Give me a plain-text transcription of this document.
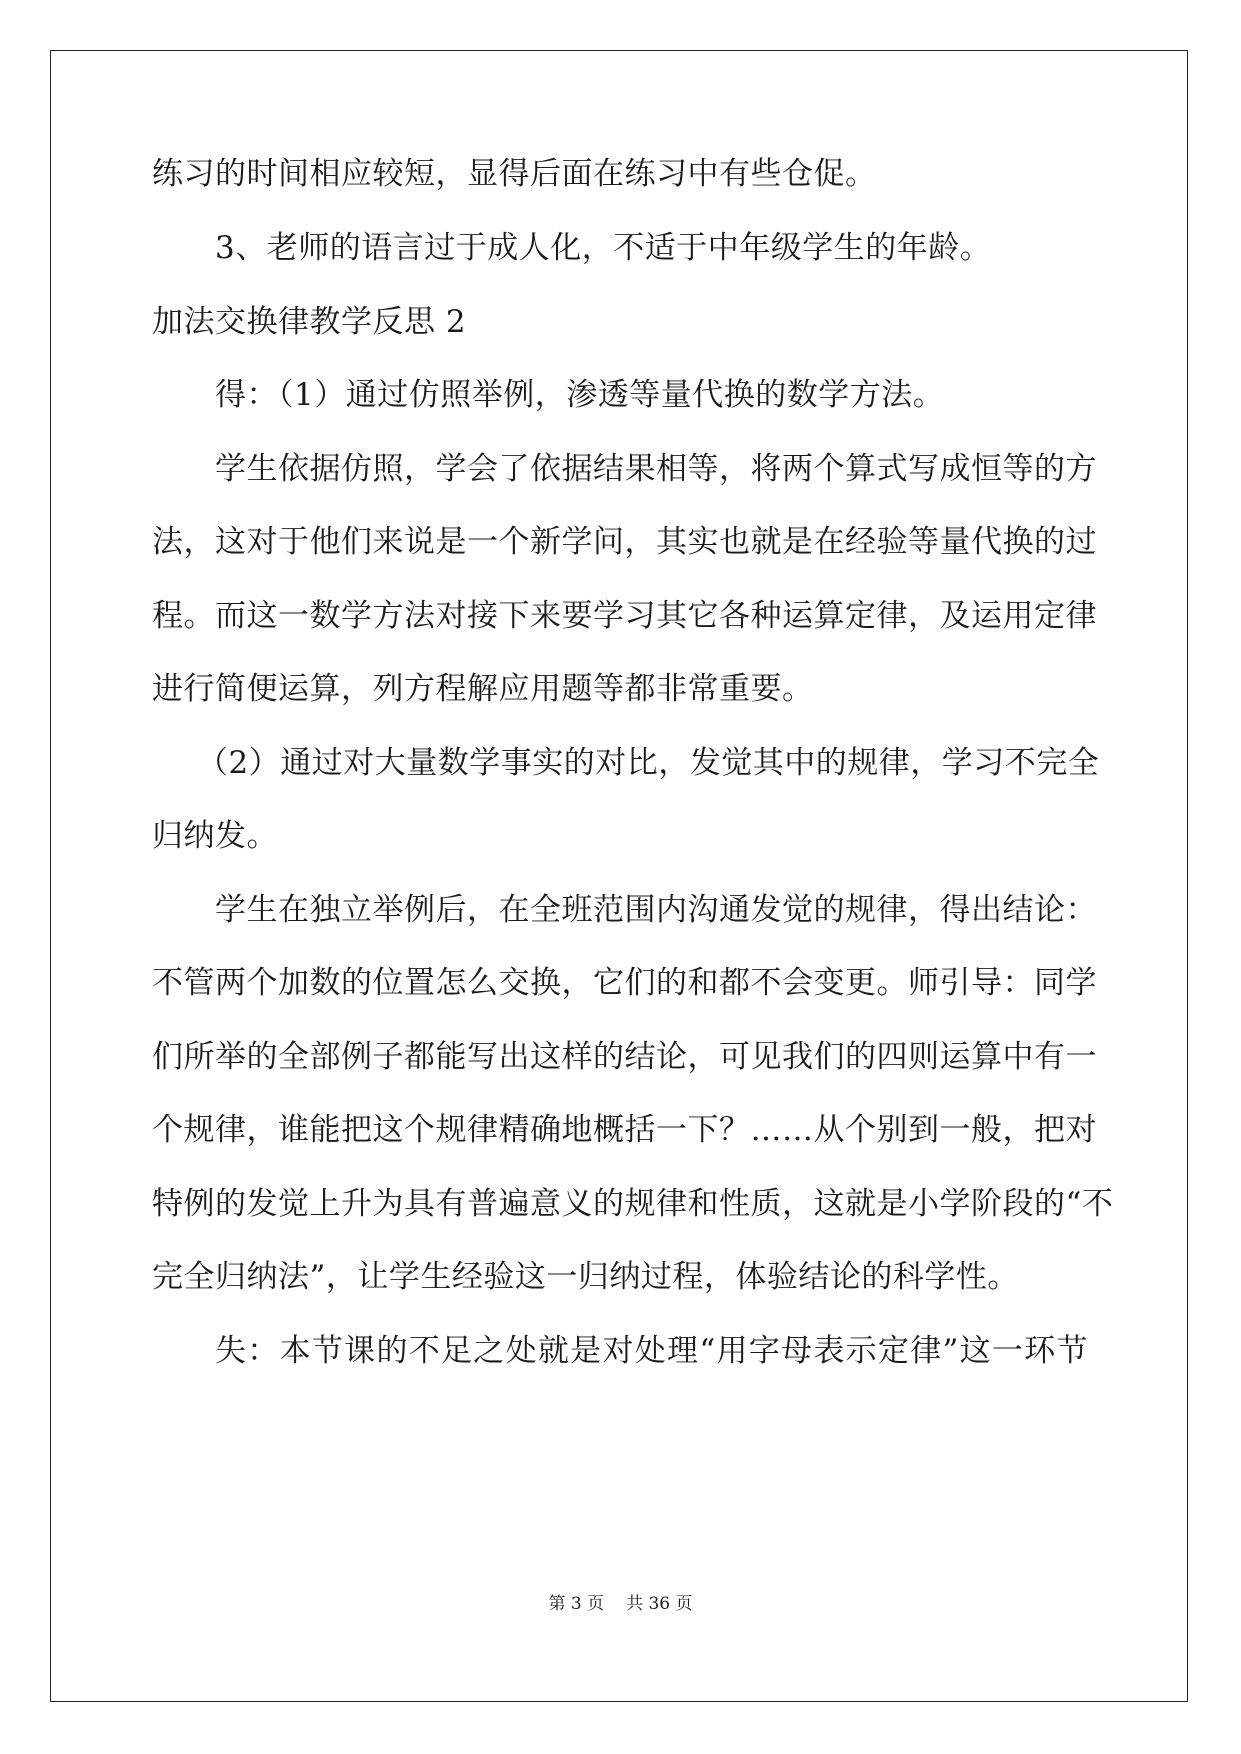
练习的时间相应较短，显得后面在练习中有些仓促。
3、老师的语言过于成人化，不适于中年级学生的年龄。
加法交换律教学反思 2
得：（1）通过仿照举例，渗透等量代换的数学方法。
学生依据仿照，学会了依据结果相等，将两个算式写成恒等的方
法，这对于他们来说是一个新学问，其实也就是在经验等量代换的过
程。而这一数学方法对接下来要学习其它各种运算定律，及运用定律
进行简便运算，列方程解应用题等都非常重要。
（2）通过对大量数学事实的对比，发觉其中的规律，学习不完全
归纳发。
学生在独立举例后，在全班范围内沟通发觉的规律，得出结论：
不管两个加数的位置怎么交换，它们的和都不会变更。师引导：同学
们所举的全部例子都能写出这样的结论，可见我们的四则运算中有一
个规律，谁能把这个规律精确地概括一下？……从个别到一般，把对
特例的发觉上升为具有普遍意义的规律和性质，这就是小学阶段的“不
完全归纳法”，让学生经验这一归纳过程，体验结论的科学性。
失：本节课的不足之处就是对处理“用字母表示定律”这一环节
第 3 页 共 36 页
